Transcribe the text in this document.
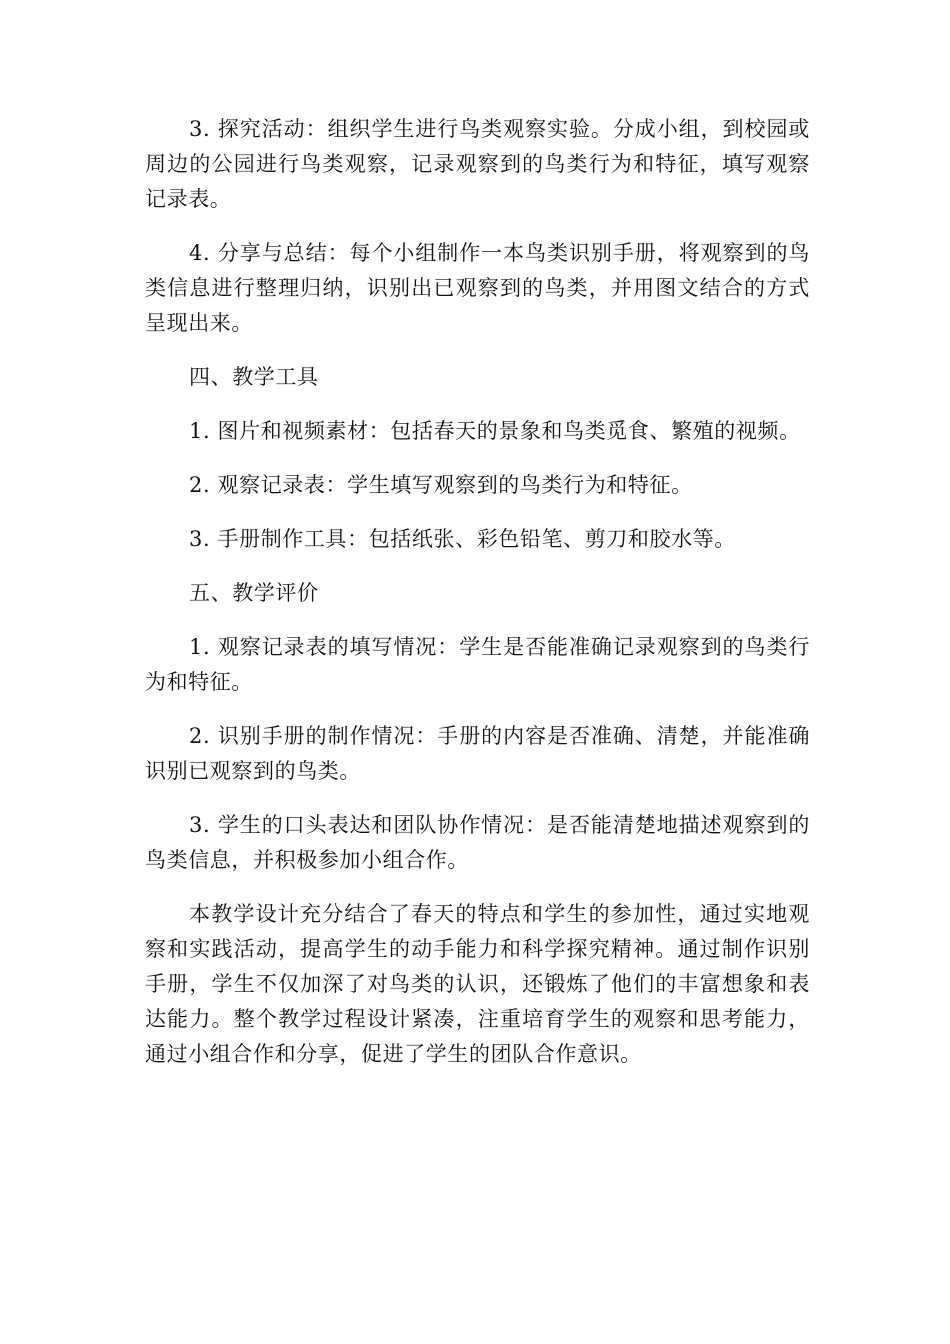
3. 探究活动：组织学生进行鸟类观察实验。分成小组，到校园或周边的公园进行鸟类观察，记录观察到的鸟类行为和特征，填写观察记录表。

4. 分享与总结：每个小组制作一本鸟类识别手册，将观察到的鸟类信息进行整理归纳，识别出已观察到的鸟类，并用图文结合的方式呈现出来。

四、教学工具

1. 图片和视频素材：包括春天的景象和鸟类觅食、繁殖的视频。

2. 观察记录表：学生填写观察到的鸟类行为和特征。

3. 手册制作工具：包括纸张、彩色铅笔、剪刀和胶水等。

五、教学评价

1. 观察记录表的填写情况：学生是否能准确记录观察到的鸟类行为和特征。

2. 识别手册的制作情况：手册的内容是否准确、清楚，并能准确识别已观察到的鸟类。

3. 学生的口头表达和团队协作情况：是否能清楚地描述观察到的鸟类信息，并积极参加小组合作。

本教学设计充分结合了春天的特点和学生的参加性，通过实地观察和实践活动，提高学生的动手能力和科学探究精神。通过制作识别手册，学生不仅加深了对鸟类的认识，还锻炼了他们的丰富想象和表达能力。整个教学过程设计紧凑，注重培育学生的观察和思考能力，通过小组合作和分享，促进了学生的团队合作意识。
